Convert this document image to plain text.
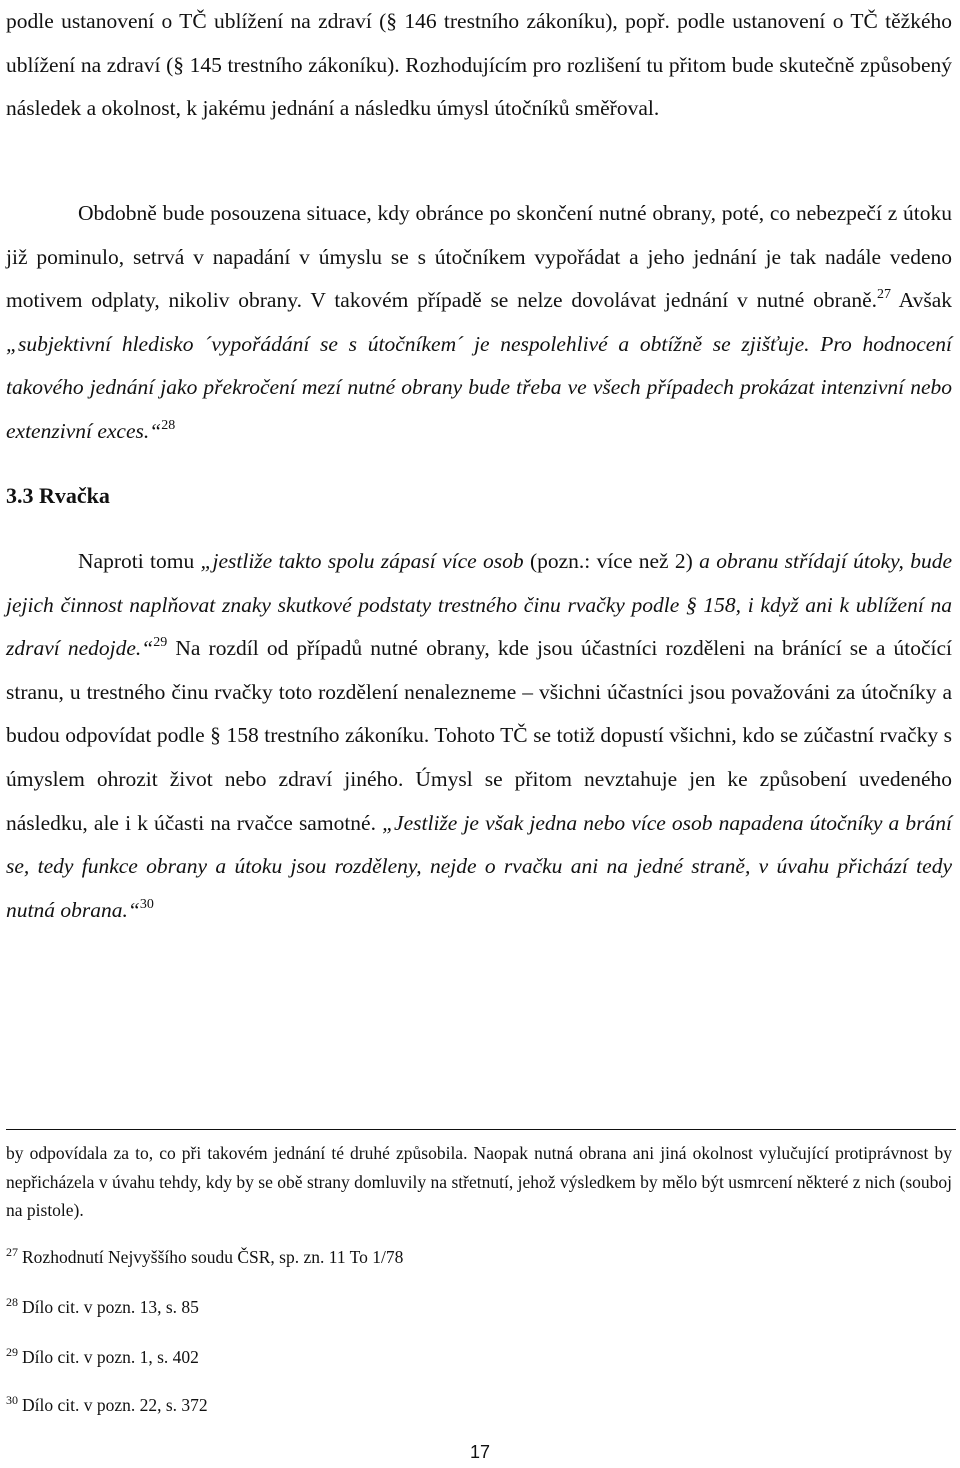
podle ustanovení o TČ ublížení na zdraví (§ 146 trestního zákoníku), popř. podle ustanovení o TČ těžkého ublížení na zdraví (§ 145 trestního zákoníku). Rozhodujícím pro rozlišení tu přitom bude skutečně způsobený následek a okolnost, k jakému jednání a následku úmysl útočníků směřoval.

Obdobně bude posouzena situace, kdy obránce po skončení nutné obrany, poté, co nebezpečí z útoku již pominulo, setrvá v napadání v úmyslu se s útočníkem vypořádat a jeho jednání je tak nadále vedeno motivem odplaty, nikoliv obrany. V takovém případě se nelze dovolávat jednání v nutné obraně.$^{27}$ Avšak „subjektivní hledisko ´vypořádání se s útočníkem´ je nespolehlivé a obtížně se zjišťuje. Pro hodnocení takového jednání jako překročení mezí nutné obrany bude třeba ve všech případech prokázat intenzivní nebo extenzivní exces.“$^{28}$

3.3 Rvačka

Naproti tomu „jestliže takto spolu zápasí více osob (pozn.: více než 2) a obranu střídají útoky, bude jejich činnost naplňovat znaky skutkové podstaty trestného činu rvačky podle § 158, i když ani k ublížení na zdraví nedojde.“$^{29}$ Na rozdíl od případů nutné obrany, kde jsou účastníci rozděleni na bránící se a útočící stranu, u trestného činu rvačky toto rozdělení nenalezneme – všichni účastníci jsou považováni za útočníky a budou odpovídat podle § 158 trestního zákoníku. Tohoto TČ se totiž dopustí všichni, kdo se zúčastní rvačky s úmyslem ohrozit život nebo zdraví jiného. Úmysl se přitom nevztahuje jen ke způsobení uvedeného následku, ale i k účasti na rvačce samotné. „Jestliže je však jedna nebo více osob napadena útočníky a brání se, tedy funkce obrany a útoku jsou rozděleny, nejde o rvačku ani na jedné straně, v úvahu přichází tedy nutná obrana.“$^{30}$

by odpovídala za to, co při takovém jednání té druhé způsobila. Naopak nutná obrana ani jiná okolnost vylučující protiprávnost by nepřicházela v úvahu tehdy, kdy by se obě strany domluvily na střetnutí, jehož výsledkem by mělo být usmrcení některé z nich (souboj na pistole).

$^{27}$ Rozhodnutí Nejvyššího soudu ČSR, sp. zn. 11 To 1/78

$^{28}$ Dílo cit. v pozn. 13, s. 85

$^{29}$ Dílo cit. v pozn. 1, s. 402

$^{30}$ Dílo cit. v pozn. 22, s. 372

17
